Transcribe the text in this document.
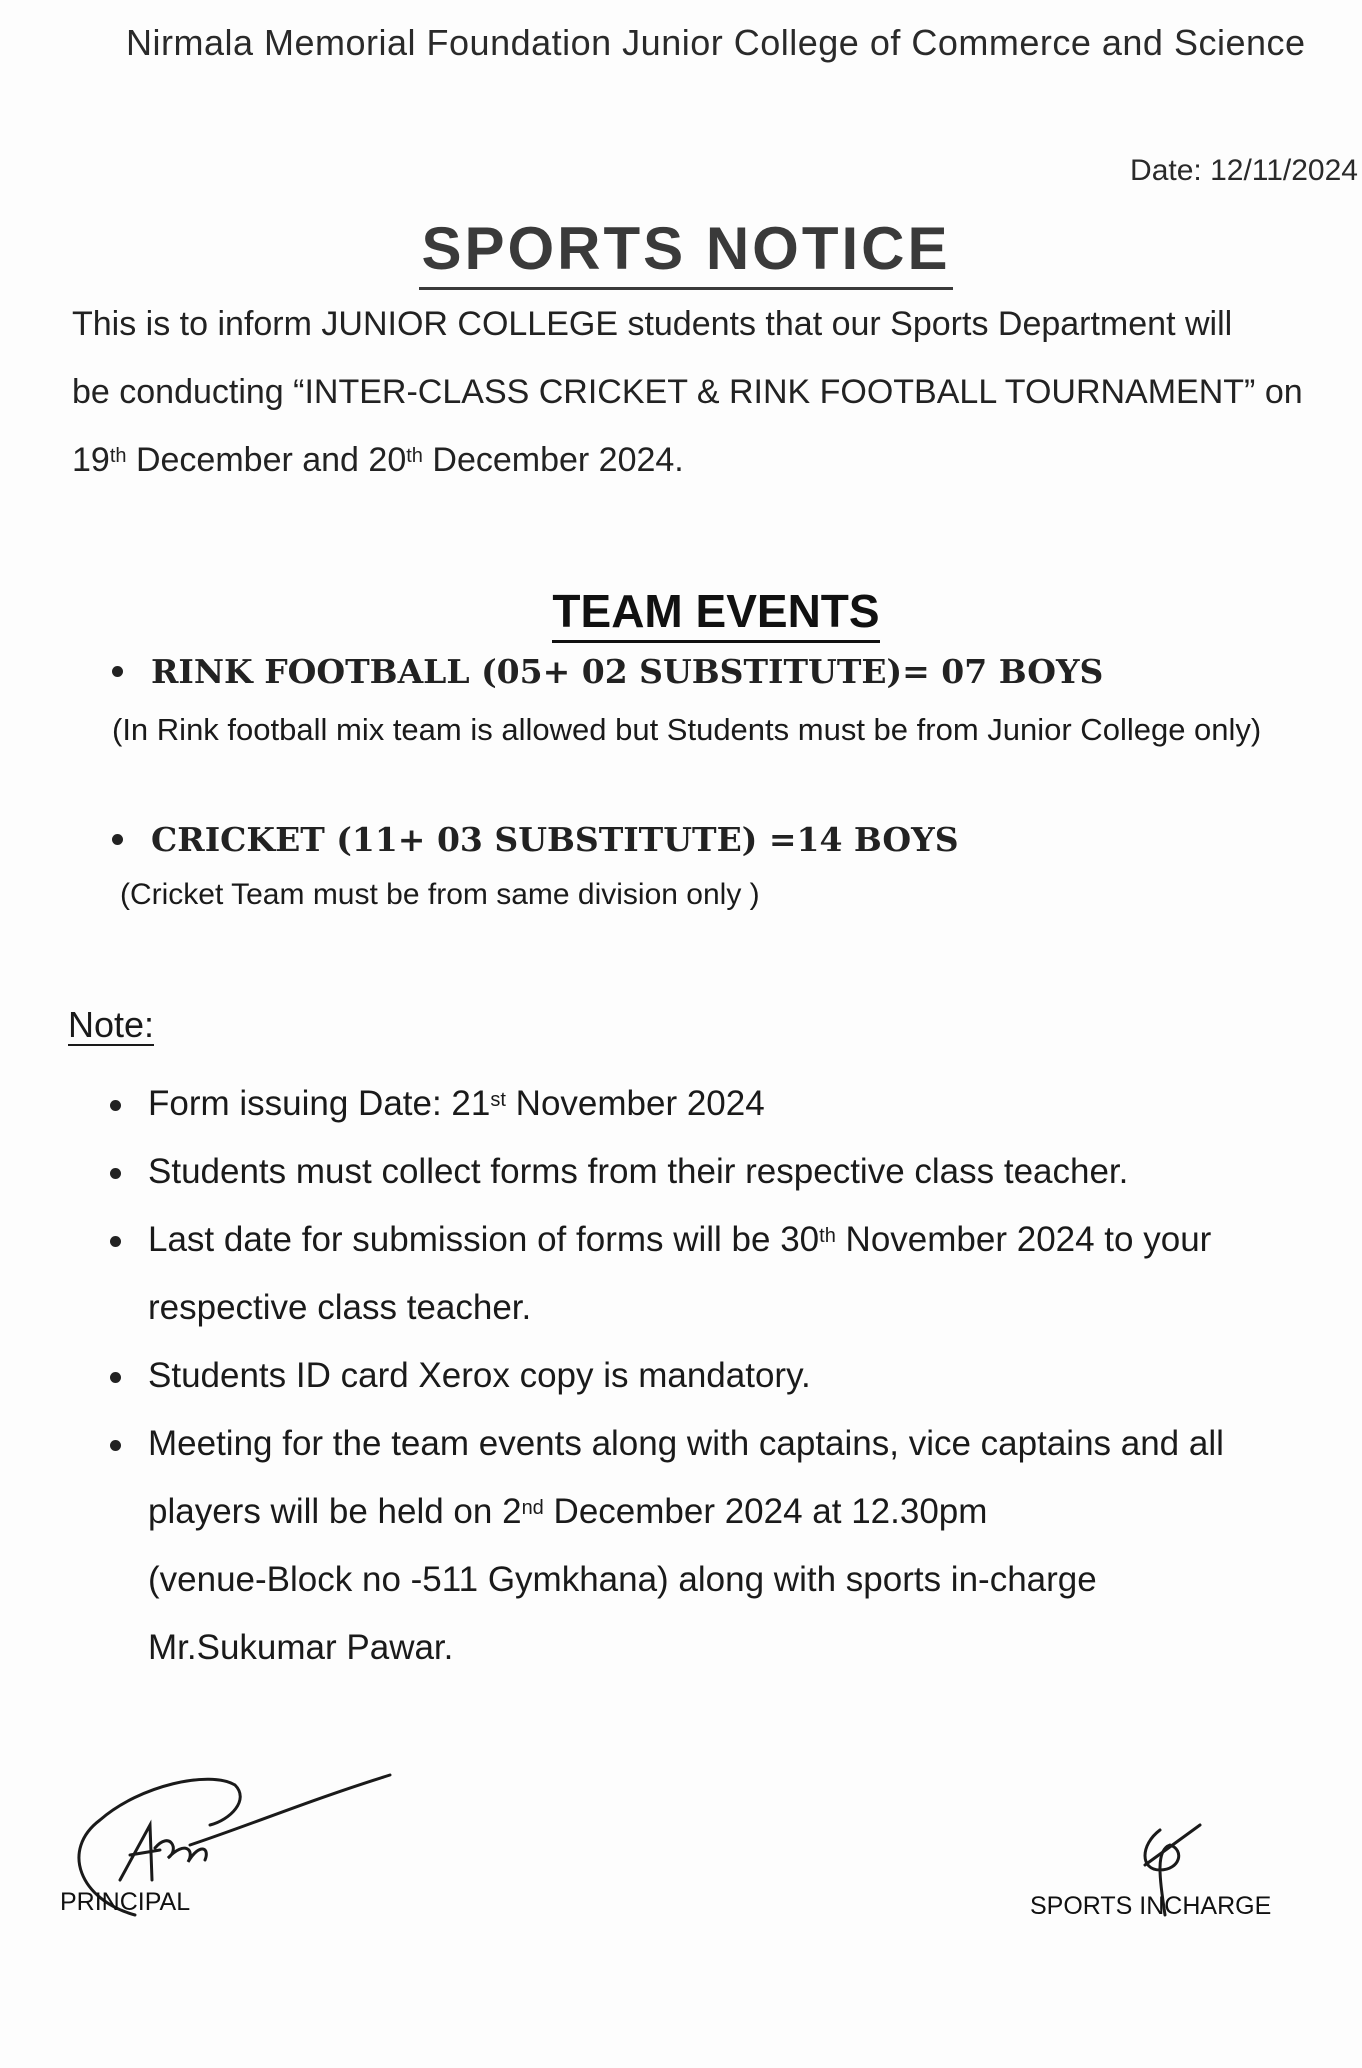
Nirmala Memorial Foundation Junior College of Commerce and Science
Date: 12/11/2024
SPORTS NOTICE

This is to inform JUNIOR COLLEGE students that our Sports Department will

be conducting “INTER-CLASS CRICKET & RINK FOOTBALL TOURNAMENT” on

19th December and 20th December 2024.

TEAM EVENTS
RINK FOOTBALL (05+ 02 SUBSTITUTE)= 07 BOYS
(In Rink football mix team is allowed but Students must be from Junior College only)
CRICKET (11+ 03 SUBSTITUTE) =14 BOYS
(Cricket Team must be from same division only )
Note:
Form issuing Date: 21st November 2024
Students must collect forms from their respective class teacher.
Last date for submission of forms will be 30th November 2024 to your
respective class teacher.
Students ID card Xerox copy is mandatory.
Meeting for the team events along with captains, vice captains and all
players will be held on 2nd December 2024 at 12.30pm
(venue-Block no -511 Gymkhana) along with sports in-charge
Mr.Sukumar Pawar.
PRINCIPAL	SPORTS INCHARGE
